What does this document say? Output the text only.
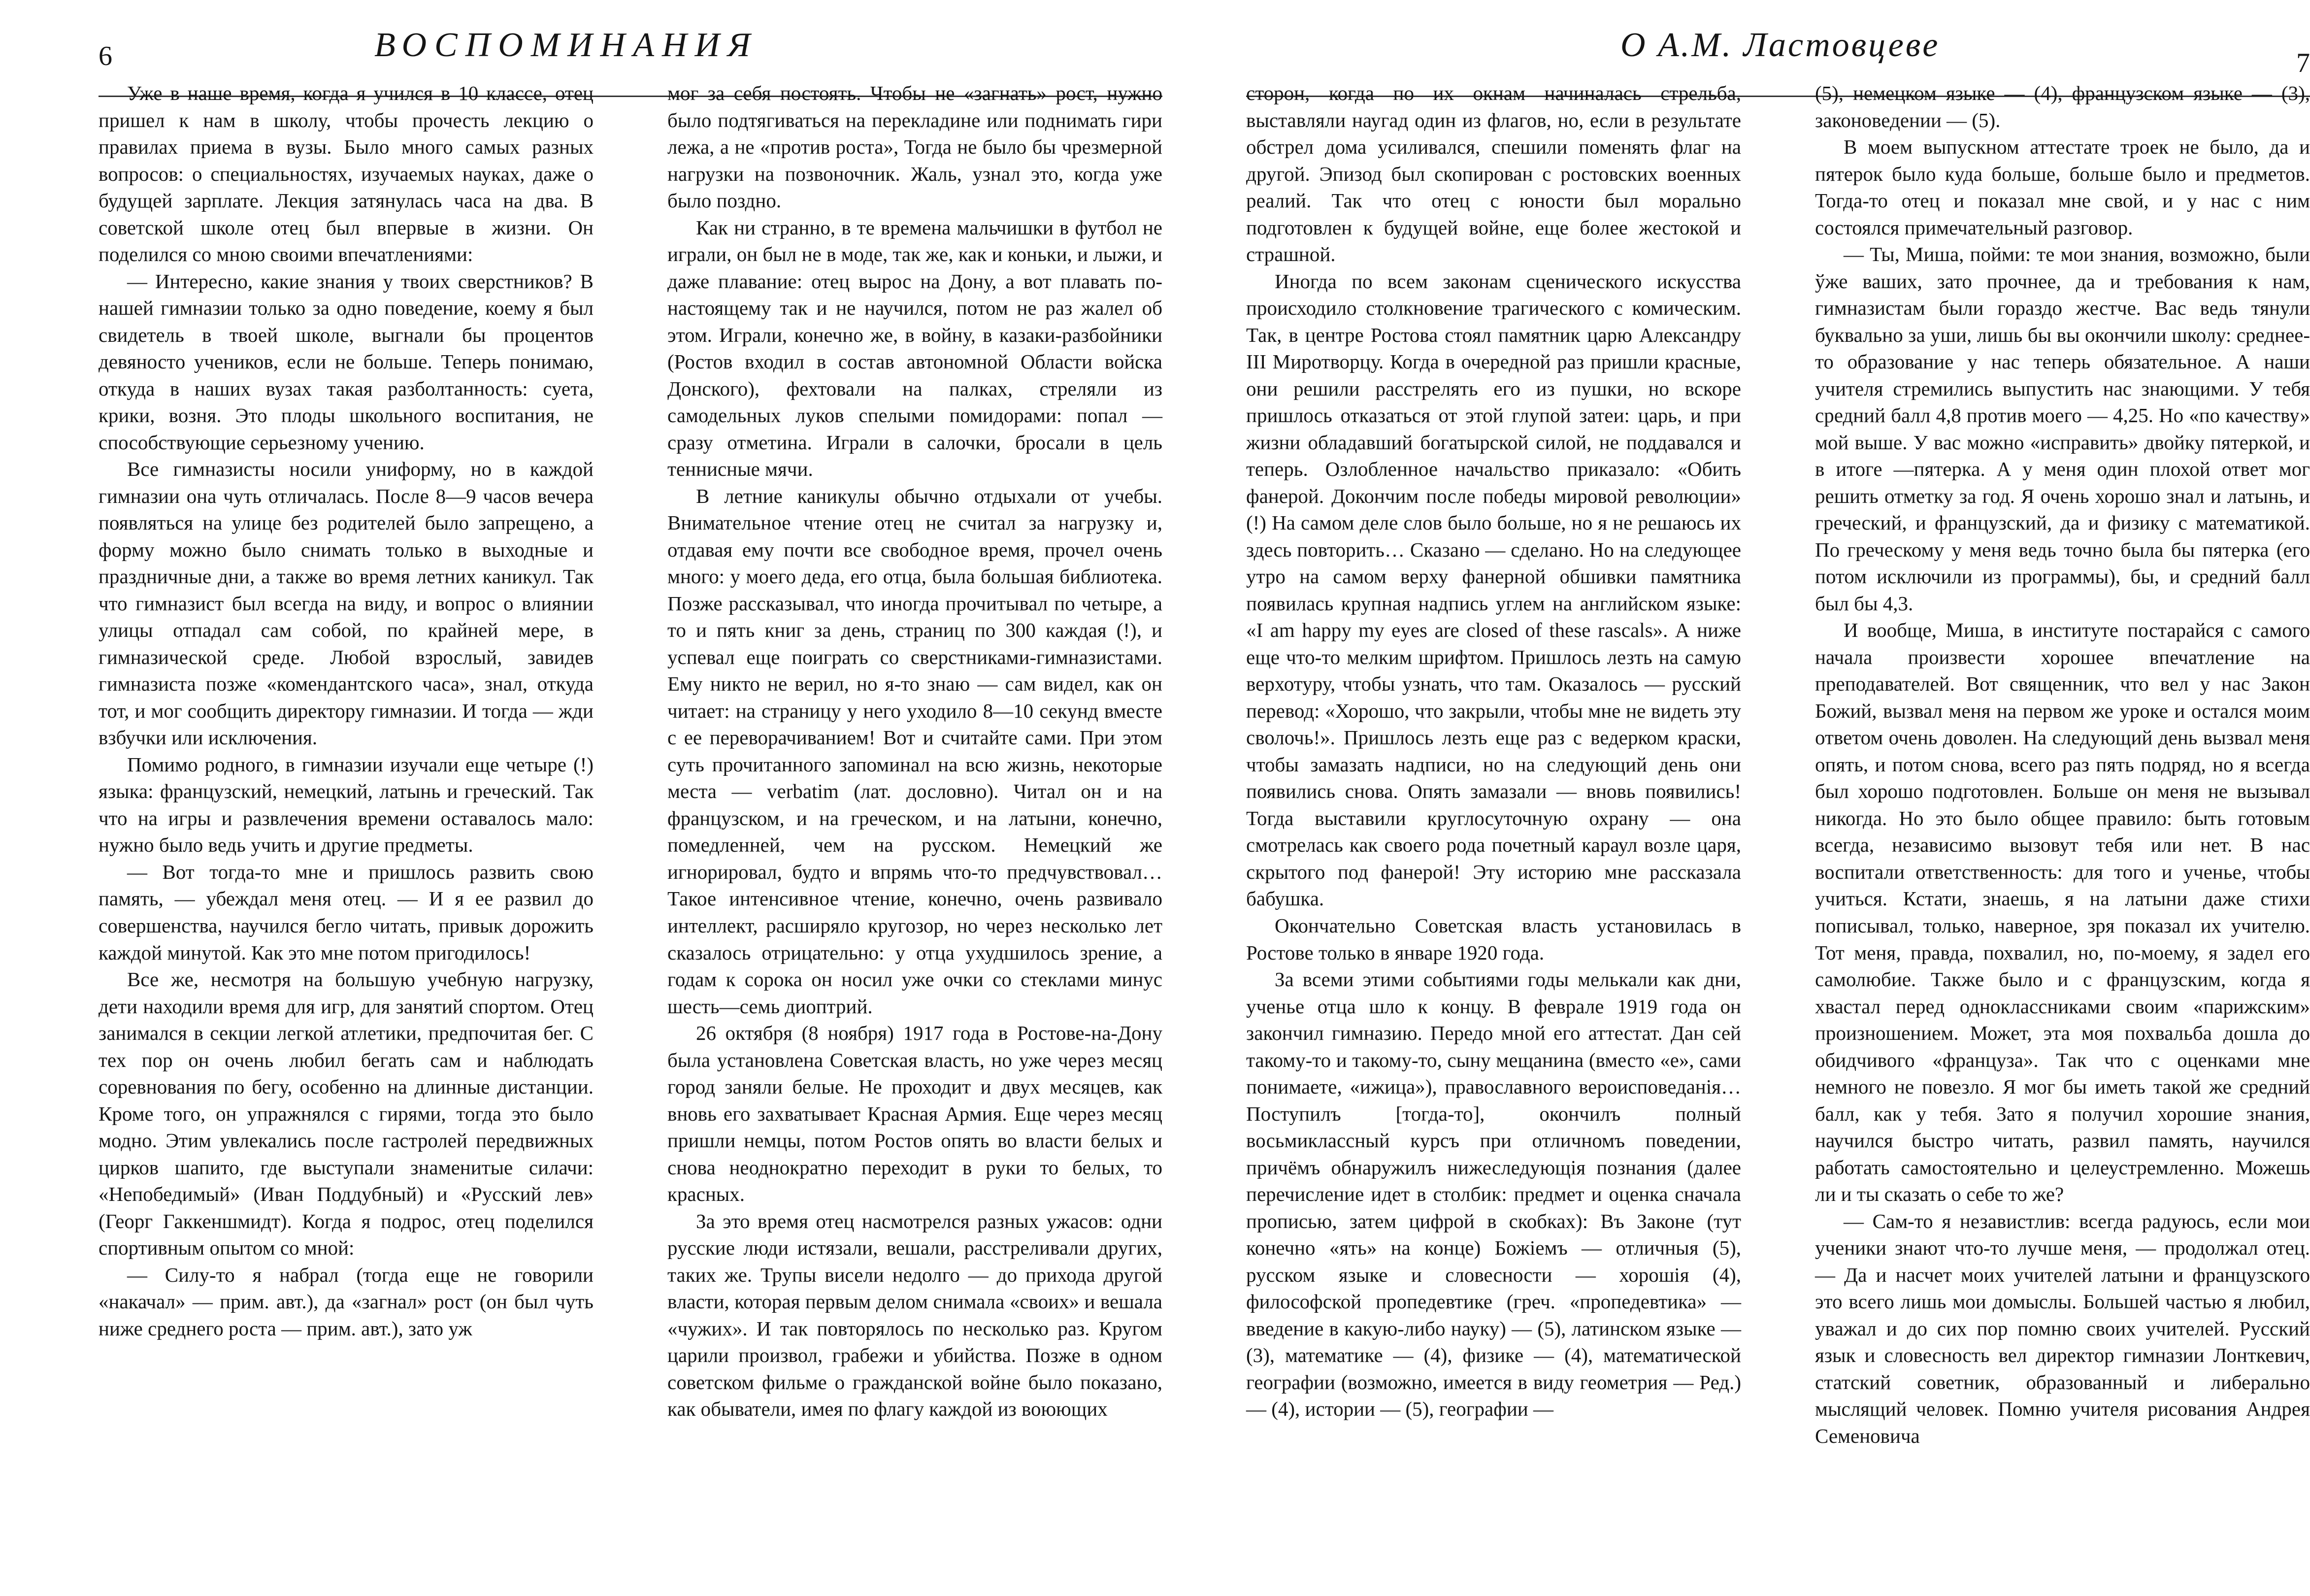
6	ВОСПОМИНАНИЯ

Уже в наше время, когда я учился в 10 классе, отец пришел к нам в школу, чтобы прочесть лекцию о правилах приема в вузы. Было много самых разных вопросов: о специальностях, изучаемых науках, даже о будущей зарплате. Лекция затянулась часа на два. В советской школе отец был впервые в жизни. Он поделился со мною своими впечатлениями:

— Интересно, какие знания у твоих сверстников? В нашей гимназии только за одно поведение, коему я был свидетель в твоей школе, выгнали бы процентов девяносто учеников, если не больше. Теперь понимаю, откуда в наших вузах такая разболтанность: суета, крики, возня. Это плоды школьного воспитания, не способствующие серьезному учению.

Все гимназисты носили униформу, но в каждой гимназии она чуть отличалась. После 8—9 часов вечера появляться на улице без родителей было запрещено, а форму можно было снимать только в выходные и праздничные дни, а также во время летних каникул. Так что гимназист был всегда на виду, и вопрос о влиянии улицы отпадал сам собой, по крайней мере, в гимназической среде. Любой взрослый, завидев гимназиста позже «комендантского часа», знал, откуда тот, и мог сообщить директору гимназии. И тогда — жди взбучки или исключения.

Помимо родного, в гимназии изучали еще четыре (!) языка: французский, немецкий, латынь и греческий. Так что на игры и развлечения времени оставалось мало: нужно было ведь учить и другие предметы.

— Вот тогда-то мне и пришлось развить свою память, — убеждал меня отец. — И я ее развил до совершенства, научился бегло читать, привык дорожить каждой минутой. Как это мне потом пригодилось!

Все же, несмотря на большую учебную нагрузку, дети находили время для игр, для занятий спортом. Отец занимался в секции легкой атлетики, предпочитая бег. С тех пор он очень любил бегать сам и наблюдать соревнования по бегу, особенно на длинные дистанции. Кроме того, он упражнялся с гирями, тогда это было модно. Этим увлекались после гастролей передвижных цирков шапито, где выступали знаменитые силачи: «Непобедимый» (Иван Поддубный) и «Русский лев» (Георг Гаккеншмидт). Когда я подрос, отец поделился спортивным опытом со мной:

— Силу-то я набрал (тогда еще не говорили «накачал» — прим. авт.), да «загнал» рост (он был чуть ниже среднего роста — прим. авт.), зато уж

мог за себя постоять. Чтобы не «загнать» рост, нужно было подтягиваться на перекладине или поднимать гири лежа, а не «против роста», Тогда не было бы чрезмерной нагрузки на позвоночник. Жаль, узнал это, когда уже было поздно.

Как ни странно, в те времена мальчишки в футбол не играли, он был не в моде, так же, как и коньки, и лыжи, и даже плавание: отец вырос на Дону, а вот плавать по-настоящему так и не научился, потом не раз жалел об этом. Играли, конечно же, в войну, в казаки-разбойники (Ростов входил в состав автономной Области войска Донского), фехтовали на палках, стреляли из самодельных луков спелыми помидорами: попал — сразу отметина. Играли в салочки, бросали в цель теннисные мячи.

В летние каникулы обычно отдыхали от учебы. Внимательное чтение отец не считал за нагрузку и, отдавая ему почти все свободное время, прочел очень много: у моего деда, его отца, была большая библиотека. Позже рассказывал, что иногда прочитывал по четыре, а то и пять книг за день, страниц по 300 каждая (!), и успевал еще поиграть со сверстниками-гимназистами. Ему никто не верил, но я-то знаю — сам видел, как он читает: на страницу у него уходило 8—10 секунд вместе с ее переворачиванием! Вот и считайте сами. При этом суть прочитанного запоминал на всю жизнь, некоторые места — verbatim (лат. дословно). Читал он и на французском, и на греческом, и на латыни, конечно, помедленней, чем на русском. Немецкий же игнорировал, будто и впрямь что-то предчувствовал… Такое интенсивное чтение, конечно, очень развивало интеллект, расширяло кругозор, но через несколько лет сказалось отрицательно: у отца ухудшилось зрение, а годам к сорока он носил уже очки со стеклами минус шесть—семь диоптрий.

26 октября (8 ноября) 1917 года в Ростове-на-Дону была установлена Советская власть, но уже через месяц город заняли белые. Не проходит и двух месяцев, как вновь его захватывает Красная Армия. Еще через месяц пришли немцы, потом Ростов опять во власти белых и снова неоднократно переходит в руки то белых, то красных.

За это время отец насмотрелся разных ужасов: одни русские люди истязали, вешали, расстреливали других, таких же. Трупы висели недолго — до прихода другой власти, которая первым делом снимала «своих» и вешала «чужих». И так повторялось по несколько раз. Кругом царили произвол, грабежи и убийства. Позже в одном советском фильме о гражданской войне было показано, как обыватели, имея по флагу каждой из воюющих

О А.М. Ластовцеве	7

сторон, когда по их окнам начиналась стрельба, выставляли наугад один из флагов, но, если в результате обстрел дома усиливался, спешили поменять флаг на другой. Эпизод был скопирован с ростовских военных реалий. Так что отец с юности был морально подготовлен к будущей войне, еще более жестокой и страшной.

Иногда по всем законам сценического искусства происходило столкновение трагического с комическим. Так, в центре Ростова стоял памятник царю Александру III Миротворцу. Когда в очередной раз пришли красные, они решили расстрелять его из пушки, но вскоре пришлось отказаться от этой глупой затеи: царь, и при жизни обладавший богатырской силой, не поддавался и теперь. Озлобленное начальство приказало: «Обить фанерой. Докончим после победы мировой революции» (!) На самом деле слов было больше, но я не решаюсь их здесь повторить… Сказано — сделано. Но на следующее утро на самом верху фанерной обшивки памятника появилась крупная надпись углем на английском языке: «I am happy my eyes are closed of these rascals». А ниже еще что-то мелким шрифтом. Пришлось лезть на самую верхотуру, чтобы узнать, что там. Оказалось — русский перевод: «Хорошо, что закрыли, чтобы мне не видеть эту сволочь!». Пришлось лезть еще раз с ведерком краски, чтобы замазать надписи, но на следующий день они появились снова. Опять замазали — вновь появились! Тогда выставили круглосуточную охрану — она смотрелась как своего рода почетный караул возле царя, скрытого под фанерой! Эту историю мне рассказала бабушка.

Окончательно Советская власть установилась в Ростове только в январе 1920 года.

За всеми этими событиями годы мелькали как дни, ученье отца шло к концу. В феврале 1919 года он закончил гимназию. Передо мной его аттестат. Дан сей такому-то и такому-то, сыну мещанина (вместо «е», сами понимаете, «ижица»), православного вероисповеданія… Поступилъ [тогда-то], окончилъ полный восьмиклассный курсъ при отличномъ поведении, причёмъ обнаружилъ нижеследующія познания (далее перечисление идет в столбик: предмет и оценка сначала прописью, затем цифрой в скобках): Въ Законе (тут конечно «ять» на конце) Божiемъ — отличныя (5), русском языке и словесности — хорошiя (4), философской пропедевтике (греч. «пропедевтика» — введение в какую-либо науку) — (5), латинском языке — (3), математике — (4), физике — (4), математической географии (возможно, имеется в виду геометрия — Ред.) — (4), истории — (5), географии —

(5), немецком языке — (4), французском языке — (3), законоведении — (5).

В моем выпускном аттестате троек не было, да и пятерок было куда больше, больше было и предметов. Тогда-то отец и показал мне свой, и у нас с ним состоялся примечательный разговор.

— Ты, Миша, пойми: те мои знания, возможно, были ўже ваших, зато прочнее, да и требования к нам, гимназистам были гораздо жестче. Вас ведь тянули буквально за уши, лишь бы вы окончили школу: среднее-то образование у нас теперь обязательное. А наши учителя стремились выпустить нас знающими. У тебя средний балл 4,8 против моего — 4,25. Но «по качеству» мой выше. У вас можно «исправить» двойку пятеркой, и в итоге —пятерка. А у меня один плохой ответ мог решить отметку за год. Я очень хорошо знал и латынь, и греческий, и французский, да и физику с математикой. По греческому у меня ведь точно была бы пятерка (его потом исключили из программы), бы, и средний балл был бы 4,3.

И вообще, Миша, в институте постарайся с самого начала произвести хорошее впечатление на преподавателей. Вот священник, что вел у нас Закон Божий, вызвал меня на первом же уроке и остался моим ответом очень доволен. На следующий день вызвал меня опять, и потом снова, всего раз пять подряд, но я всегда был хорошо подготовлен. Больше он меня не вызывал никогда. Но это было общее правило: быть готовым всегда, независимо вызовут тебя или нет. В нас воспитали ответственность: для того и ученье, чтобы учиться. Кстати, знаешь, я на латыни даже стихи пописывал, только, наверное, зря показал их учителю. Тот меня, правда, похвалил, но, по-моему, я задел его самолюбие. Также было и с французским, когда я хвастал перед одноклассниками своим «парижским» произношением. Может, эта моя похвальба дошла до обидчивого «француза». Так что с оценками мне немного не повезло. Я мог бы иметь такой же средний балл, как у тебя. Зато я получил хорошие знания, научился быстро читать, развил память, научился работать самостоятельно и целеустремленно. Можешь ли и ты сказать о себе то же?

— Сам-то я независтлив: всегда радуюсь, если мои ученики знают что-то лучше меня, — продолжал отец. — Да и насчет моих учителей латыни и французского это всего лишь мои домыслы. Большей частью я любил, уважал и до сих пор помню своих учителей. Русский язык и словесность вел директор гимназии Лонткевич, статский советник, образованный и либерально мыслящий человек. Помню учителя рисования Андрея Семеновича
